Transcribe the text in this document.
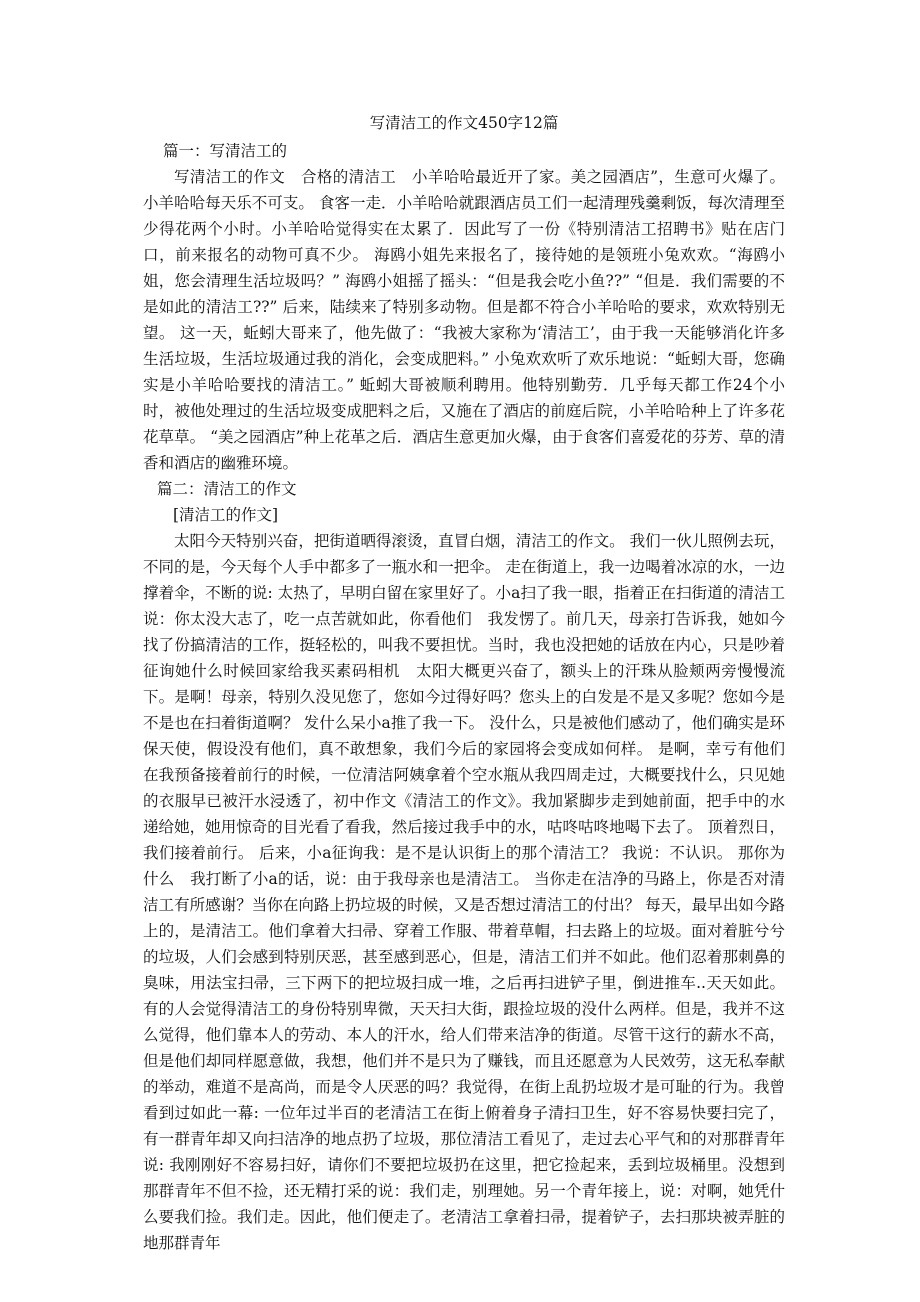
写清洁工的作文450字12篇

篇一：写清洁工的

写清洁工的作文　合格的清洁工　小羊哈哈最近开了家。美之园酒店”，生意可火爆了。小羊哈哈每天乐不可支。 食客一走．小羊哈哈就跟酒店员工们一起清理残羹剩饭，每次清理至少得花两个小时。小羊哈哈觉得实在太累了．因此写了一份《特别清洁工招聘书》贴在店门口，前来报名的动物可真不少。 海鸥小姐先来报名了，接待她的是领班小兔欢欢。“海鸥小姐，您会清理生活垃圾吗？” 海鸥小姐摇了摇头：“但是我会吃小鱼??” “但是．我们需要的不是如此的清洁工??” 后来，陆续来了特别多动物。但是都不符合小羊哈哈的要求，欢欢特别无望。 这一天，蚯蚓大哥来了，他先做了：“我被大家称为‘清洁工’，由于我一天能够消化许多生活垃圾，生活垃圾通过我的消化，会变成肥料。” 小兔欢欢听了欢乐地说：“蚯蚓大哥，您确实是小羊哈哈要找的清洁工。” 蚯蚓大哥被顺利聘用。他特别勤劳．几乎每天都工作24个小时，被他处理过的生活垃圾变成肥料之后，又施在了酒店的前庭后院，小羊哈哈种上了许多花花草草。 “美之园酒店”种上花革之后．酒店生意更加火爆，由于食客们喜爱花的芬芳、草的清香和酒店的幽雅环境。

篇二：清洁工的作文

[清洁工的作文]

太阳今天特别兴奋，把街道晒得滚烫，直冒白烟，清洁工的作文。 我们一伙儿照例去玩，不同的是，今天每个人手中都多了一瓶水和一把伞。 走在街道上，我一边喝着冰凉的水，一边撑着伞，不断的说: 太热了，早明白留在家里好了。小a扫了我一眼，指着正在扫街道的清洁工说：你太没大志了，吃一点苦就如此，你看他们　我发愣了。前几天，母亲打告诉我，她如今找了份搞清洁的工作，挺轻松的，叫我不要担忧。当时，我也没把她的话放在内心，只是吵着征询她什么时候回家给我买素码相机　太阳大概更兴奋了，额头上的汗珠从脸颊两旁慢慢流下。是啊！母亲，特别久没见您了，您如今过得好吗？您头上的白发是不是又多呢？您如今是不是也在扫着街道啊？ 发什么呆小a推了我一下。 没什么，只是被他们感动了，他们确实是环保天使，假设没有他们，真不敢想象，我们今后的家园将会变成如何样。 是啊，幸亏有他们　　在我预备接着前行的时候，一位清洁阿姨拿着个空水瓶从我四周走过，大概要找什么，只见她的衣服早已被汗水浸透了，初中作文《清洁工的作文》。我加紧脚步走到她前面，把手中的水递给她，她用惊奇的目光看了看我，然后接过我手中的水，咕咚咕咚地喝下去了。 顶着烈日，我们接着前行。 后来，小a征询我：是不是认识街上的那个清洁工？ 我说：不认识。 那你为什么　我打断了小a的话，说：由于我母亲也是清洁工。 当你走在洁净的马路上，你是否对清洁工有所感谢？当你在向路上扔垃圾的时候，又是否想过清洁工的付出？ 每天，最早出如今路上的，是清洁工。他们拿着大扫帚、穿着工作服、带着草帽，扫去路上的垃圾。面对着脏兮兮的垃圾，人们会感到特别厌恶，甚至感到恶心，但是，清洁工们并不如此。他们忍着那刺鼻的臭味，用法宝扫帚，三下两下的把垃圾扫成一堆，之后再扫进铲子里，倒进推车..天天如此。有的人会觉得清洁工的身份特别卑微，天天扫大街，跟捡垃圾的没什么两样。但是，我并不这么觉得，他们靠本人的劳动、本人的汗水，给人们带来洁净的街道。尽管干这行的薪水不高，但是他们却同样愿意做，我想，他们并不是只为了赚钱，而且还愿意为人民效劳，这无私奉献的举动，难道不是高尚，而是令人厌恶的吗？我觉得，在街上乱扔垃圾才是可耻的行为。我曾看到过如此一幕: 一位年过半百的老清洁工在街上俯着身子清扫卫生，好不容易快要扫完了，有一群青年却又向扫洁净的地点扔了垃圾，那位清洁工看见了，走过去心平气和的对那群青年说: 我刚刚好不容易扫好，请你们不要把垃圾扔在这里，把它捡起来，丢到垃圾桶里。没想到那群青年不但不捡，还无精打采的说：我们走，别理她。另一个青年接上，说：对啊，她凭什么要我们捡。我们走。因此，他们便走了。老清洁工拿着扫帚，提着铲子，去扫那块被弄脏的地那群青年
